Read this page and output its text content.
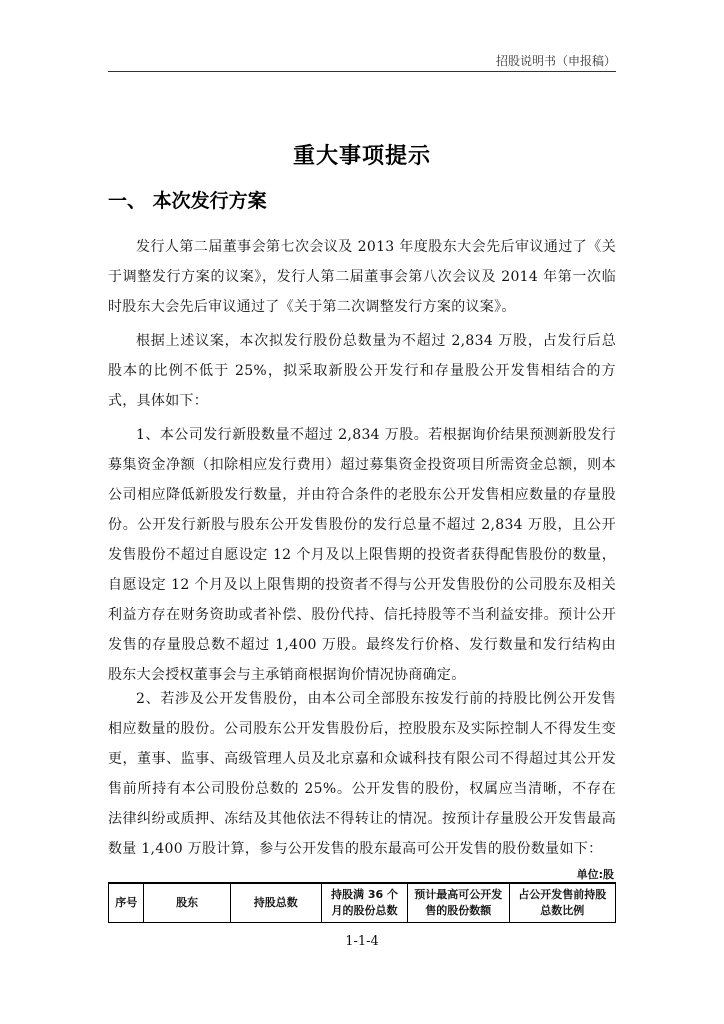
招股说明书（申报稿）
重大事项提示
一、 本次发行方案

发行人第二届董事会第七次会议及 2013 年度股东大会先后审议通过了《关于调整发行方案的议案》，发行人第二届董事会第八次会议及 2014 年第一次临时股东大会先后审议通过了《关于第二次调整发行方案的议案》。

根据上述议案，本次拟发行股份总数量为不超过 2,834 万股，占发行后总股本的比例不低于 25%，拟采取新股公开发行和存量股公开发售相结合的方式，具体如下：

1、本公司发行新股数量不超过 2,834 万股。若根据询价结果预测新股发行募集资金净额（扣除相应发行费用）超过募集资金投资项目所需资金总额，则本公司相应降低新股发行数量，并由符合条件的老股东公开发售相应数量的存量股份。公开发行新股与股东公开发售股份的发行总量不超过 2,834 万股，且公开发售股份不超过自愿设定 12 个月及以上限售期的投资者获得配售股份的数量，自愿设定 12 个月及以上限售期的投资者不得与公开发售股份的公司股东及相关利益方存在财务资助或者补偿、股份代持、信托持股等不当利益安排。预计公开发售的存量股总数不超过 1,400 万股。最终发行价格、发行数量和发行结构由股东大会授权董事会与主承销商根据询价情况协商确定。

2、若涉及公开发售股份，由本公司全部股东按发行前的持股比例公开发售相应数量的股份。公司股东公开发售股份后，控股股东及实际控制人不得发生变更，董事、监事、高级管理人员及北京嘉和众诚科技有限公司不得超过其公开发售前所持有本公司股份总数的 25%。公开发售的股份，权属应当清晰，不存在法律纠纷或质押、冻结及其他依法不得转让的情况。按预计存量股公开发售最高数量 1,400 万股计算，参与公开发售的股东最高可公开发售的股份数量如下：

单位:股
序号	股东	持股总数	持股满 36 个月的股份总数	预计最高可公开发售的股份数额	占公开发售前持股总数比例
1-1-4
